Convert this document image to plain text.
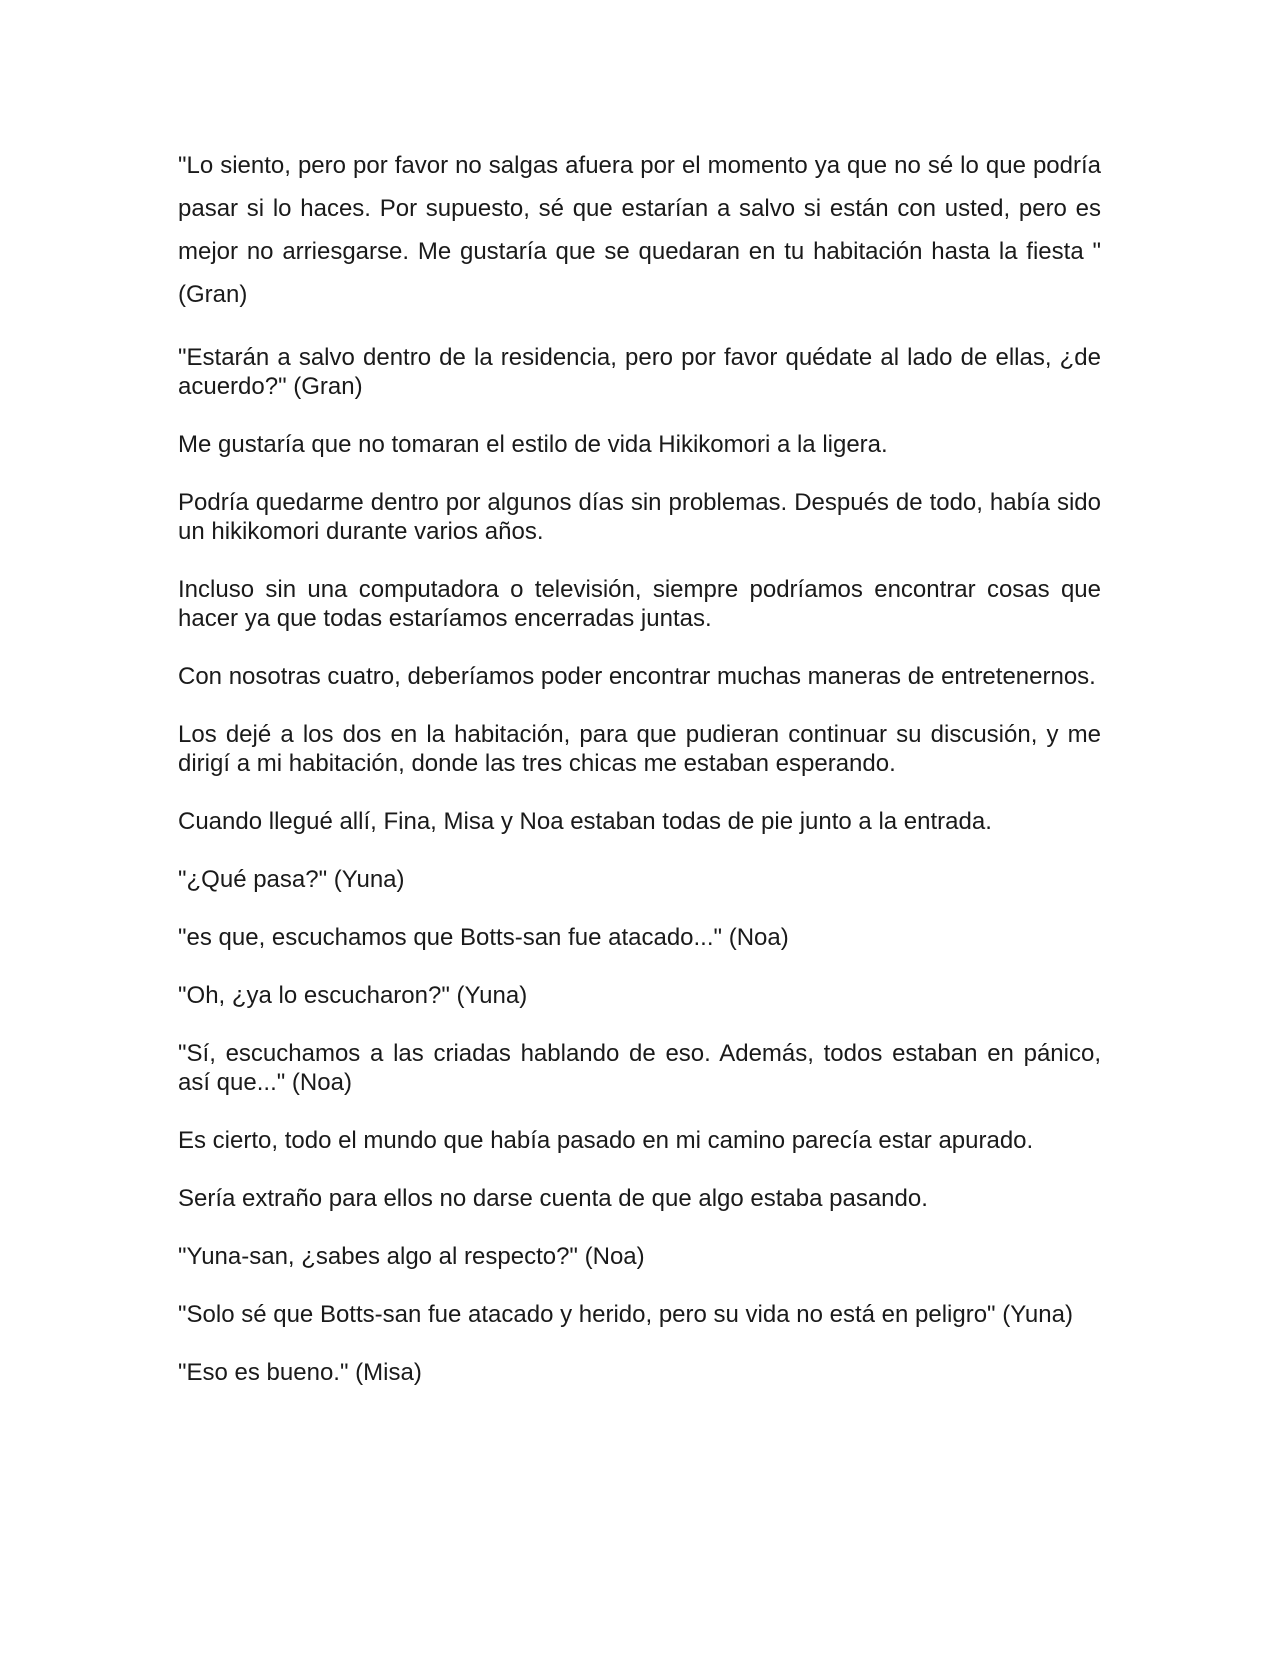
"Lo siento, pero por favor no salgas afuera por el momento ya que no sé lo que podría pasar si lo haces. Por supuesto, sé que estarían a salvo si están con usted, pero es mejor no arriesgarse. Me gustaría que se quedaran en tu habitación hasta la fiesta " (Gran)

"Estarán a salvo dentro de la residencia, pero por favor quédate al lado de ellas, ¿de acuerdo?" (Gran)

Me gustaría que no tomaran el estilo de vida Hikikomori a la ligera.

Podría quedarme dentro por algunos días sin problemas. Después de todo, había sido un hikikomori durante varios años.

Incluso sin una computadora o televisión, siempre podríamos encontrar cosas que hacer ya que todas estaríamos encerradas juntas.

Con nosotras cuatro, deberíamos poder encontrar muchas maneras de entretenernos.

Los dejé a los dos en la habitación, para que pudieran continuar su discusión, y me dirigí a mi habitación, donde las tres chicas me estaban esperando.

Cuando llegué allí, Fina, Misa y Noa estaban todas de pie junto a la entrada.

"¿Qué pasa?" (Yuna)

"es que, escuchamos que Botts-san fue atacado..." (Noa)

"Oh, ¿ya lo escucharon?" (Yuna)

"Sí, escuchamos a las criadas hablando de eso. Además, todos estaban en pánico, así que..." (Noa)

Es cierto, todo el mundo que había pasado en mi camino parecía estar apurado.

Sería extraño para ellos no darse cuenta de que algo estaba pasando.

"Yuna-san, ¿sabes algo al respecto?" (Noa)

"Solo sé que Botts-san fue atacado y herido, pero su vida no está en peligro" (Yuna)

"Eso es bueno." (Misa)
